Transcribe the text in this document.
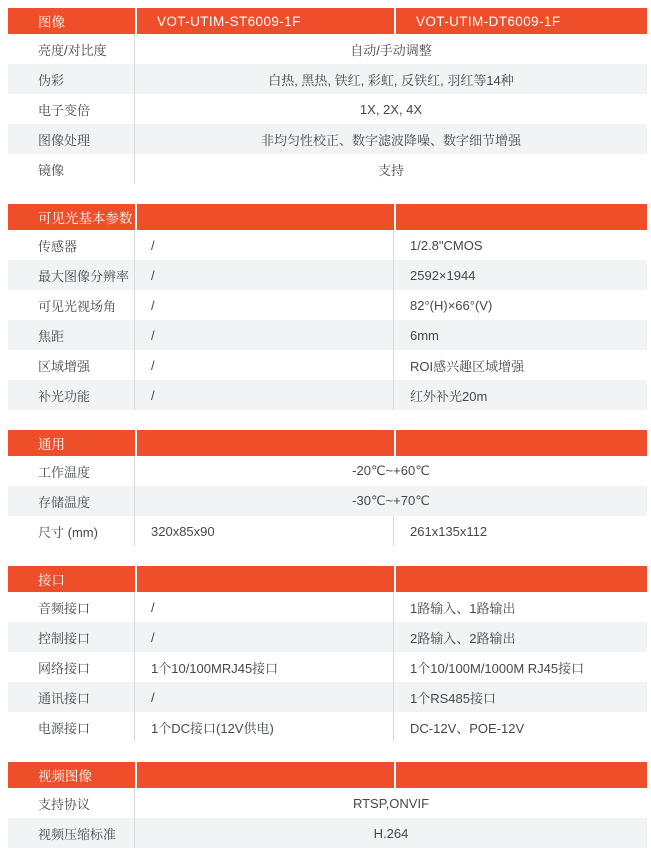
图像	VOT-UTIM-ST6009-1F	VOT-UTIM-DT6009-1F
亮度/对比度	自动/手动调整
伪彩	白热, 黑热, 铁红, 彩虹, 反铁红, 羽红等14种
电子变倍	1X, 2X, 4X
图像处理	非均匀性校正、数字滤波降噪、数字细节增强
镜像	支持
可见光基本参数
传感器	/	1/2.8"CMOS
最大图像分辨率	/	2592×1944
可见光视场角	/	82°(H)×66°(V)
焦距	/	6mm
区域增强	/	ROI感兴趣区域增强
补光功能	/	红外补光20m
通用
工作温度	-20℃~+60℃
存储温度	-30℃~+70℃
尺寸 (mm)	320x85x90	261x135x112
接口
音频接口	/	1路输入、1路输出
控制接口	/	2路输入、2路输出
网络接口	1个10/100MRJ45接口	1个10/100M/1000M RJ45接口
通讯接口	/	1个RS485接口
电源接口	1个DC接口(12V供电)	DC-12V、POE-12V
视频图像
支持协议	RTSP,ONVIF
视频压缩标准	H.264
